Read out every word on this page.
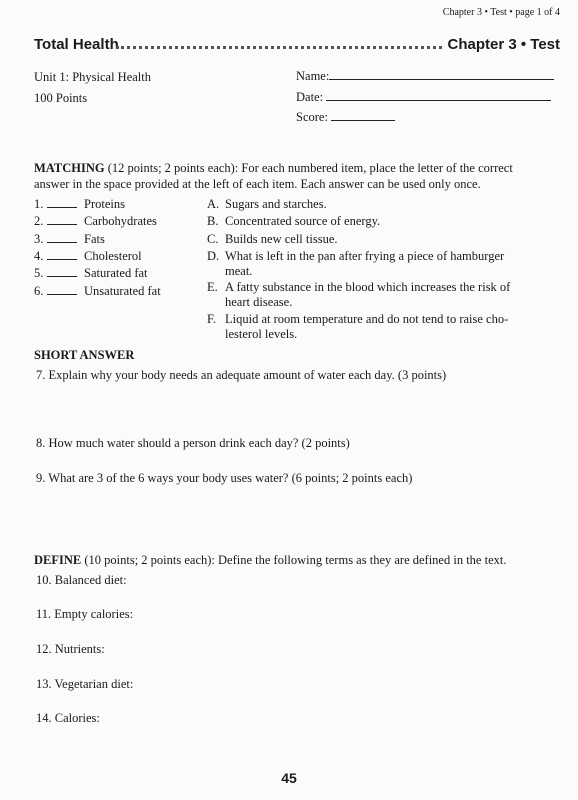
Chapter 3 • Test • page 1 of 4
Total Health	Chapter 3 • Test
Unit 1: Physical Health
100 Points
Name:
Date:
Score:
MATCHING (12 points; 2 points each): For each numbered item, place the letter of the correct
answer in the space provided at the left of each item. Each answer can be used only once.
1.	Proteins
2.	Carbohydrates
3.	Fats
4.	Cholesterol
5.	Saturated fat
6.	Unsaturated fat
A. Sugars and starches.
B. Concentrated source of energy.
C. Builds new cell tissue.
D. What is left in the pan after frying a piece of hamburger
meat.
E. A fatty substance in the blood which increases the risk of
heart disease.
F. Liquid at room temperature and do not tend to raise cho-
lesterol levels.
SHORT ANSWER
7. Explain why your body needs an adequate amount of water each day. (3 points)
8. How much water should a person drink each day? (2 points)
9. What are 3 of the 6 ways your body uses water? (6 points; 2 points each)
DEFINE (10 points; 2 points each): Define the following terms as they are defined in the text.
10. Balanced diet:
11. Empty calories:
12. Nutrients:
13. Vegetarian diet:
14. Calories:
45
